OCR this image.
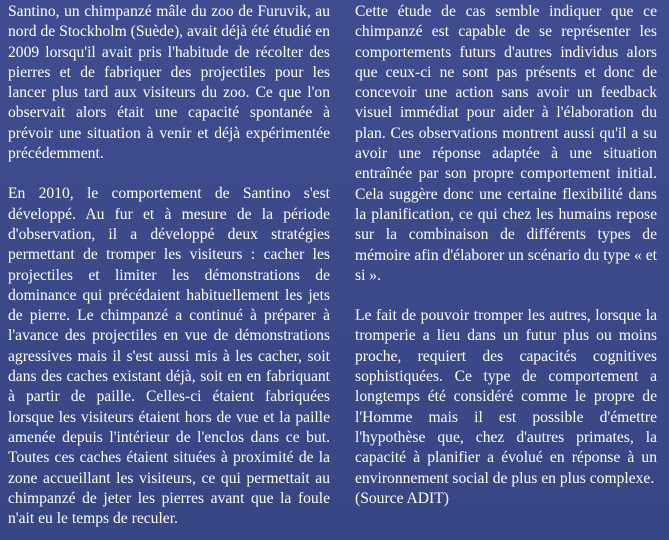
Santino, un chimpanzé mâle du zoo de Furuvik, au nord de Stockholm (Suède), avait déjà été étudié en 2009 lorsqu'il avait pris l'habitude de récolter des pierres et de fabriquer des projectiles pour les lancer plus tard aux visiteurs du zoo. Ce que l'on observait alors était une capacité spontanée à prévoir une situation à venir et déjà expérimentée précédemment.

En 2010, le comportement de Santino s'est développé. Au fur et à mesure de la période d'observation, il a développé deux stratégies permettant de tromper les visiteurs : cacher les projectiles et limiter les démonstrations de dominance qui précédaient habituellement les jets de pierre. Le chimpanzé a continué à préparer à l'avance des projectiles en vue de démonstrations agressives mais il s'est aussi mis à les cacher, soit dans des caches existant déjà, soit en en fabriquant à partir de paille. Celles-ci étaient fabriquées lorsque les visiteurs étaient hors de vue et la paille amenée depuis l'intérieur de l'enclos dans ce but. Toutes ces caches étaient situées à proximité de la zone accueillant les visiteurs, ce qui permettait au chimpanzé de jeter les pierres avant que la foule n'ait eu le temps de reculer.

Cette étude de cas semble indiquer que ce chimpanzé est capable de se représenter les comportements futurs d'autres individus alors que ceux-ci ne sont pas présents et donc de concevoir une action sans avoir un feedback visuel immédiat pour aider à l'élaboration du plan. Ces observations montrent aussi qu'il a su avoir une réponse adaptée à une situation entraînée par son propre comportement initial. Cela suggère donc une certaine flexibilité dans la planification, ce qui chez les humains repose sur la combinaison de différents types de mémoire afin d'élaborer un scénario du type « et si ».

Le fait de pouvoir tromper les autres, lorsque la tromperie a lieu dans un futur plus ou moins proche, requiert des capacités cognitives sophistiquées. Ce type de comportement a longtemps été considéré comme le propre de l'Homme mais il est possible d'émettre l'hypothèse que, chez d'autres primates, la capacité à planifier a évolué en réponse à un environnement social de plus en plus complexe.

(Source ADIT)
